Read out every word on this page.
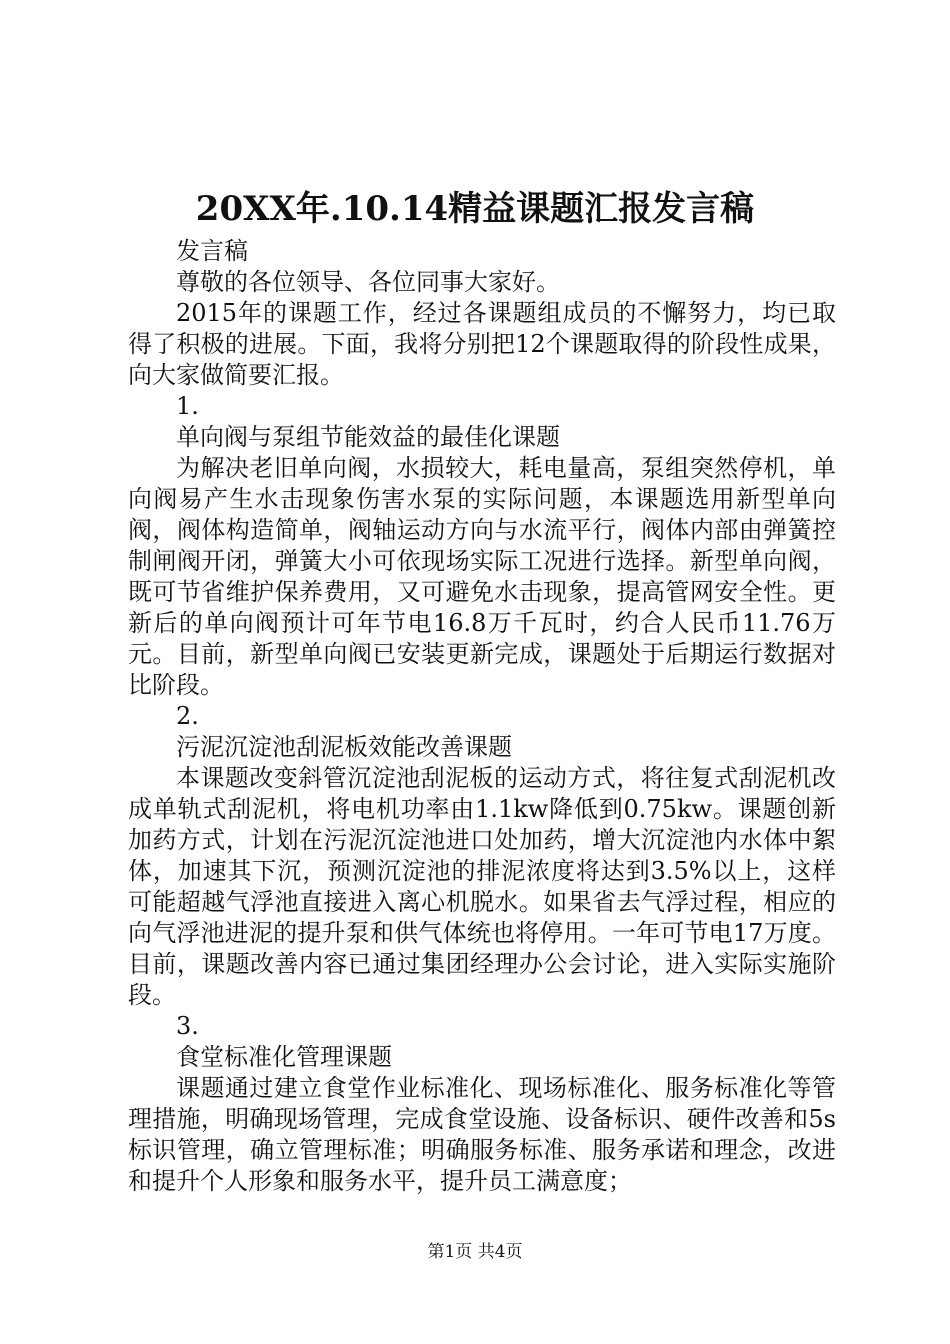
20XX年.10.14精益课题汇报发言稿

发言稿

尊敬的各位领导、各位同事大家好。

2015年的课题工作，经过各课题组成员的不懈努力，均已取得了积极的进展。下面，我将分别把12个课题取得的阶段性成果，向大家做简要汇报。

1.

单向阀与泵组节能效益的最佳化课题

为解决老旧单向阀，水损较大，耗电量高，泵组突然停机，单向阀易产生水击现象伤害水泵的实际问题，本课题选用新型单向阀，阀体构造简单，阀轴运动方向与水流平行，阀体内部由弹簧控制闸阀开闭，弹簧大小可依现场实际工况进行选择。新型单向阀，既可节省维护保养费用，又可避免水击现象，提高管网安全性。更新后的单向阀预计可年节电16.8万千瓦时，约合人民币11.76万元。目前，新型单向阀已安装更新完成，课题处于后期运行数据对比阶段。

2.

污泥沉淀池刮泥板效能改善课题

本课题改变斜管沉淀池刮泥板的运动方式，将往复式刮泥机改成单轨式刮泥机，将电机功率由1.1kw降低到0.75kw。课题创新加药方式，计划在污泥沉淀池进口处加药，增大沉淀池内水体中絮体，加速其下沉，预测沉淀池的排泥浓度将达到3.5%以上，这样可能超越气浮池直接进入离心机脱水。如果省去气浮过程，相应的向气浮池进泥的提升泵和供气体统也将停用。一年可节电17万度。目前，课题改善内容已通过集团经理办公会讨论，进入实际实施阶段。

3.

食堂标准化管理课题

课题通过建立食堂作业标准化、现场标准化、服务标准化等管理措施，明确现场管理，完成食堂设施、设备标识、硬件改善和5s标识管理，确立管理标准；明确服务标准、服务承诺和理念，改进和提升个人形象和服务水平，提升员工满意度；

第1页 共4页
